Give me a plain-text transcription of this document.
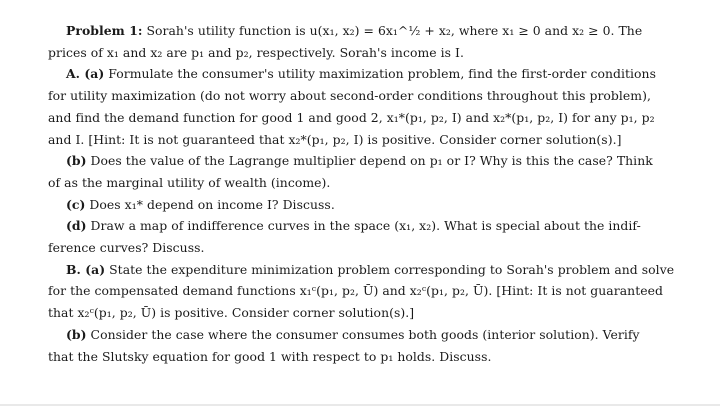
Problem 1: Sorah's utility function is u(x₁, x₂) = 6x₁^½ + x₂, where x₁ ≥ 0 and x₂ ≥ 0. The
prices of x₁ and x₂ are p₁ and p₂, respectively. Sorah's income is I.
A. (a) Formulate the consumer's utility maximization problem, find the first-order conditions
for utility maximization (do not worry about second-order conditions throughout this problem),
and find the demand function for good 1 and good 2, x₁*(p₁, p₂, I) and x₂*(p₁, p₂, I) for any p₁, p₂
and I. [Hint: It is not guaranteed that x₂*(p₁, p₂, I) is positive. Consider corner solution(s).]
(b) Does the value of the Lagrange multiplier depend on p₁ or I? Why is this the case? Think
of as the marginal utility of wealth (income).
(c) Does x₁* depend on income I? Discuss.
(d) Draw a map of indifference curves in the space (x₁, x₂). What is special about the indif-
ference curves? Discuss.
B. (a) State the expenditure minimization problem corresponding to Sorah's problem and solve
for the compensated demand functions x₁ᶜ(p₁, p₂, Ū) and x₂ᶜ(p₁, p₂, Ū). [Hint: It is not guaranteed
that x₂ᶜ(p₁, p₂, Ū) is positive. Consider corner solution(s).]
(b) Consider the case where the consumer consumes both goods (interior solution). Verify
that the Slutsky equation for good 1 with respect to p₁ holds. Discuss.
